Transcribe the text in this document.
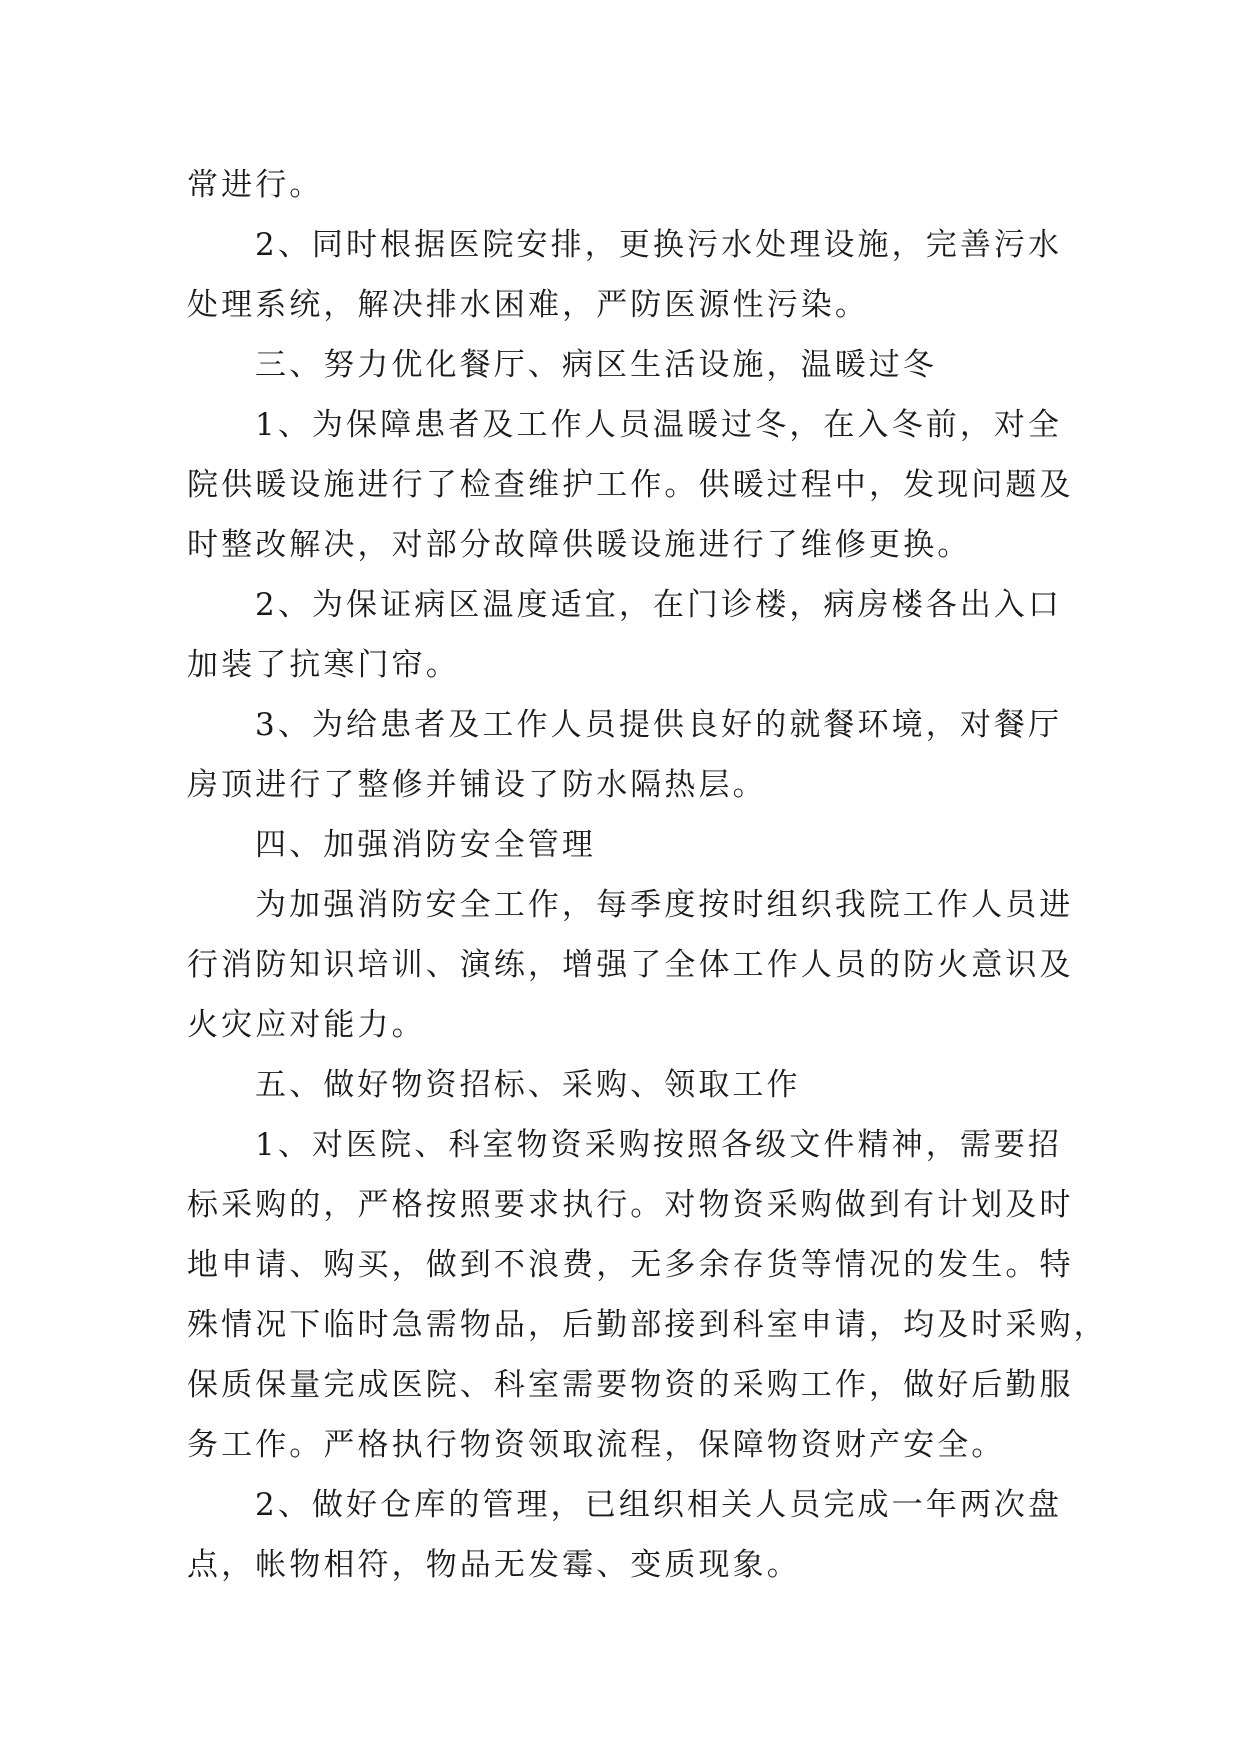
常进行。
2、同时根据医院安排，更换污水处理设施，完善污水
处理系统，解决排水困难，严防医源性污染。
三、努力优化餐厅、病区生活设施，温暖过冬
1、为保障患者及工作人员温暖过冬，在入冬前，对全
院供暖设施进行了检查维护工作。供暖过程中，发现问题及
时整改解决，对部分故障供暖设施进行了维修更换。
2、为保证病区温度适宜，在门诊楼，病房楼各出入口
加装了抗寒门帘。
3、为给患者及工作人员提供良好的就餐环境，对餐厅
房顶进行了整修并铺设了防水隔热层。
四、加强消防安全管理
为加强消防安全工作，每季度按时组织我院工作人员进
行消防知识培训、演练，增强了全体工作人员的防火意识及
火灾应对能力。
五、做好物资招标、采购、领取工作
1、对医院、科室物资采购按照各级文件精神，需要招
标采购的，严格按照要求执行。对物资采购做到有计划及时
地申请、购买，做到不浪费，无多余存货等情况的发生。特
殊情况下临时急需物品，后勤部接到科室申请，均及时采购，
保质保量完成医院、科室需要物资的采购工作，做好后勤服
务工作。严格执行物资领取流程，保障物资财产安全。
2、做好仓库的管理，已组织相关人员完成一年两次盘
点，帐物相符，物品无发霉、变质现象。
